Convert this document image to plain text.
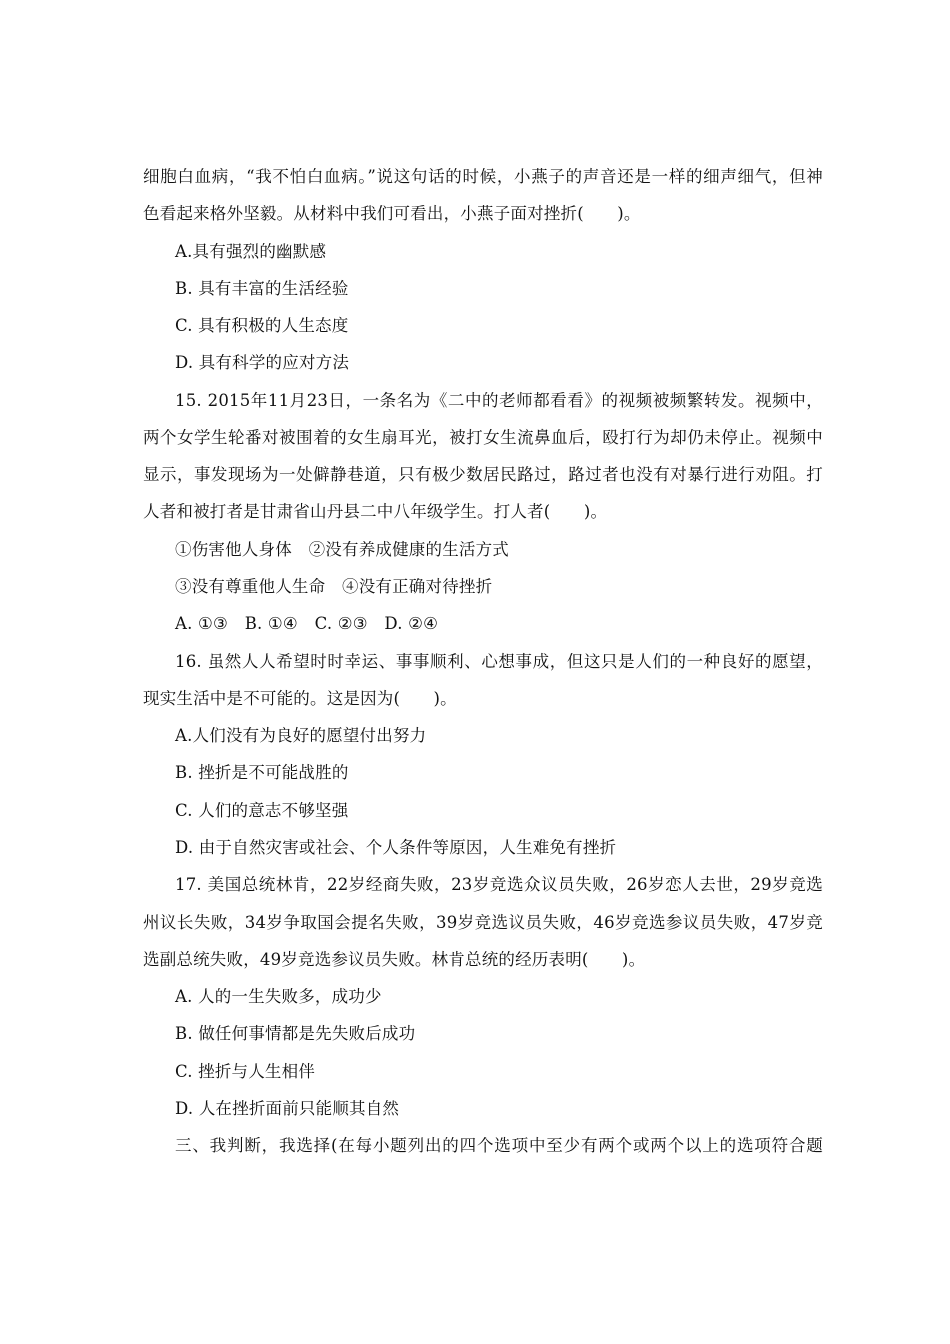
细胞白血病，“我不怕白血病。”说这句话的时候，小燕子的声音还是一样的细声细气，但神
色看起来格外坚毅。从材料中我们可看出，小燕子面对挫折(　　)。
A.具有强烈的幽默感
B. 具有丰富的生活经验
C. 具有积极的人生态度
D. 具有科学的应对方法
15. 2015年11月23日，一条名为《二中的老师都看看》的视频被频繁转发。视频中，
两个女学生轮番对被围着的女生扇耳光，被打女生流鼻血后，殴打行为却仍未停止。视频中
显示，事发现场为一处僻静巷道，只有极少数居民路过，路过者也没有对暴行进行劝阻。打
人者和被打者是甘肃省山丹县二中八年级学生。打人者(　　)。
①伤害他人身体　②没有养成健康的生活方式
③没有尊重他人生命　④没有正确对待挫折
A. ①③　B. ①④　C. ②③　D. ②④
16. 虽然人人希望时时幸运、事事顺利、心想事成，但这只是人们的一种良好的愿望，
现实生活中是不可能的。这是因为(　　)。
A.人们没有为良好的愿望付出努力
B. 挫折是不可能战胜的
C. 人们的意志不够坚强
D. 由于自然灾害或社会、个人条件等原因，人生难免有挫折
17. 美国总统林肯，22岁经商失败，23岁竞选众议员失败，26岁恋人去世，29岁竞选
州议长失败，34岁争取国会提名失败，39岁竞选议员失败，46岁竞选参议员失败，47岁竞
选副总统失败，49岁竞选参议员失败。林肯总统的经历表明(　　)。
A. 人的一生失败多，成功少
B. 做任何事情都是先失败后成功
C. 挫折与人生相伴
D. 人在挫折面前只能顺其自然
三、我判断，我选择(在每小题列出的四个选项中至少有两个或两个以上的选项符合题
